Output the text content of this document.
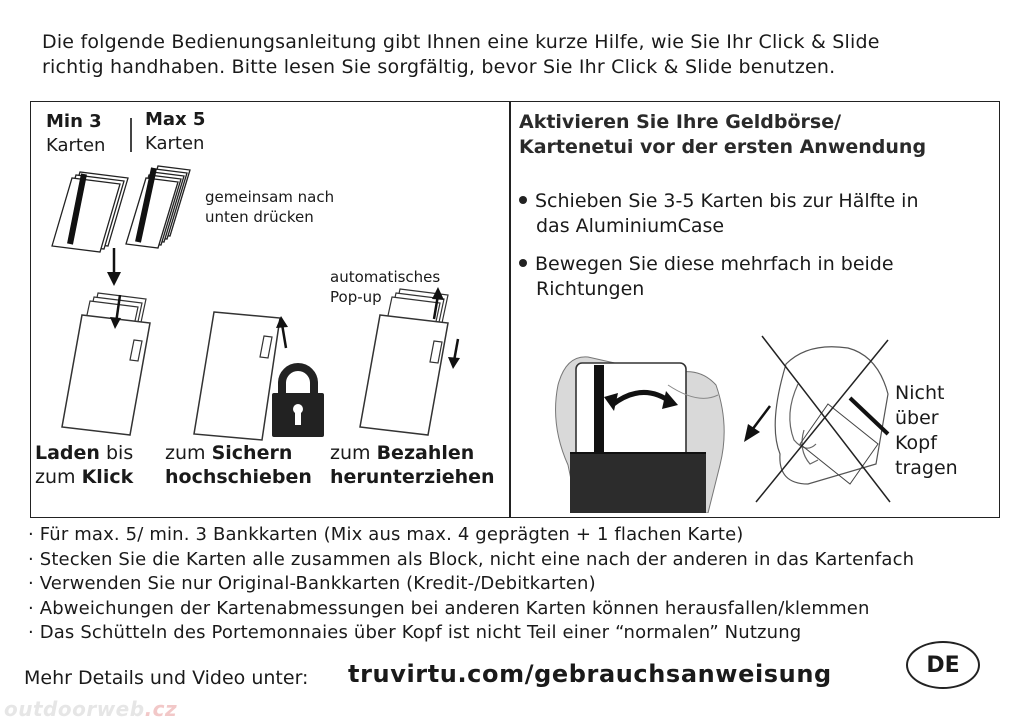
Die folgende Bedienungsanleitung gibt Ihnen eine kurze Hilfe, wie Sie Ihr Click & Slide
richtig handhaben. Bitte lesen Sie sorgfältig, bevor Sie Ihr Click & Slide benutzen.
Min 3
Karten
Max 5
Karten
gemeinsam nach
unten drücken
automatisches
Pop-up
Laden bis
zum Klick
zum Sichern
hochschieben
zum Bezahlen
herunterziehen
Aktivieren Sie Ihre Geldbörse/
Kartenetui vor der ersten Anwendung
Schieben Sie 3-5 Karten bis zur Hälfte in
das AluminiumCase
Bewegen Sie diese mehrfach in beide
Richtungen
Nicht
über
Kopf
tragen
· Für max. 5/ min. 3 Bankkarten (Mix aus max. 4 geprägten + 1 flachen Karte)
· Stecken Sie die Karten alle zusammen als Block, nicht eine nach der anderen in das Kartenfach
· Verwenden Sie nur Original-Bankkarten (Kredit-/Debitkarten)
· Abweichungen der Kartenabmessungen bei anderen Karten können herausfallen/klemmen
· Das Schütteln des Portemonnaies über Kopf ist nicht Teil einer “normalen” Nutzung
Mehr Details und Video unter: truvirtu.com/gebrauchsanweisung	DE
outdoorweb.cz
